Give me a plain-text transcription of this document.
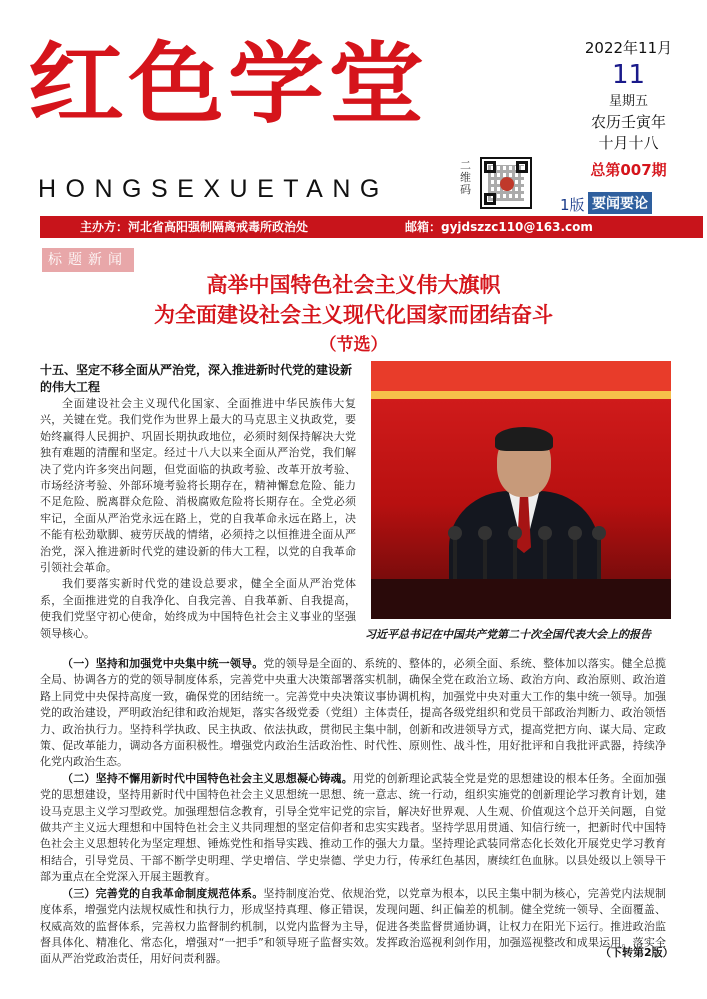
红色学堂
HONGSEXUETANG
二维码
2022年11月
11
星期五
农历壬寅年
十月十八
总第007期
1版 要闻要论
主办方：河北省高阳强制隔离戒毒所政治处	邮箱：gyjdszzc110@163.com
标题新闻
高举中国特色社会主义伟大旗帜
为全面建设社会主义现代化国家而团结奋斗
（节选）
十五、坚定不移全面从严治党，深入推进新时代党的建设新的伟大工程

全面建设社会主义现代化国家、全面推进中华民族伟大复兴，关键在党。我们党作为世界上最大的马克思主义执政党，要始终赢得人民拥护、巩固长期执政地位，必须时刻保持解决大党独有难题的清醒和坚定。经过十八大以来全面从严治党，我们解决了党内许多突出问题，但党面临的执政考验、改革开放考验、市场经济考验、外部环境考验将长期存在，精神懈怠危险、能力不足危险、脱离群众危险、消极腐败危险将长期存在。全党必须牢记，全面从严治党永远在路上，党的自我革命永远在路上，决不能有松劲歇脚、疲劳厌战的情绪，必须持之以恒推进全面从严治党，深入推进新时代党的建设新的伟大工程，以党的自我革命引领社会革命。

我们要落实新时代党的建设总要求，健全全面从严治党体系，全面推进党的自我净化、自我完善、自我革新、自我提高，使我们党坚守初心使命，始终成为中国特色社会主义事业的坚强领导核心。	习近平总书记在中国共产党第二十次全国代表大会上的报告

（一）坚持和加强党中央集中统一领导。党的领导是全面的、系统的、整体的，必须全面、系统、整体加以落实。健全总揽全局、协调各方的党的领导制度体系，完善党中央重大决策部署落实机制，确保全党在政治立场、政治方向、政治原则、政治道路上同党中央保持高度一致，确保党的团结统一。完善党中央决策议事协调机构，加强党中央对重大工作的集中统一领导。加强党的政治建设，严明政治纪律和政治规矩，落实各级党委（党组）主体责任，提高各级党组织和党员干部政治判断力、政治领悟力、政治执行力。坚持科学执政、民主执政、依法执政，贯彻民主集中制，创新和改进领导方式，提高党把方向、谋大局、定政策、促改革能力，调动各方面积极性。增强党内政治生活政治性、时代性、原则性、战斗性，用好批评和自我批评武器，持续净化党内政治生态。

（二）坚持不懈用新时代中国特色社会主义思想凝心铸魂。用党的创新理论武装全党是党的思想建设的根本任务。全面加强党的思想建设，坚持用新时代中国特色社会主义思想统一思想、统一意志、统一行动，组织实施党的创新理论学习教育计划，建设马克思主义学习型政党。加强理想信念教育，引导全党牢记党的宗旨，解决好世界观、人生观、价值观这个总开关问题，自觉做共产主义远大理想和中国特色社会主义共同理想的坚定信仰者和忠实实践者。坚持学思用贯通、知信行统一，把新时代中国特色社会主义思想转化为坚定理想、锤炼党性和指导实践、推动工作的强大力量。坚持理论武装同常态化长效化开展党史学习教育相结合，引导党员、干部不断学史明理、学史增信、学史崇德、学史力行，传承红色基因，赓续红色血脉。以县处级以上领导干部为重点在全党深入开展主题教育。

（三）完善党的自我革命制度规范体系。坚持制度治党、依规治党，以党章为根本，以民主集中制为核心，完善党内法规制度体系，增强党内法规权威性和执行力，形成坚持真理、修正错误，发现问题、纠正偏差的机制。健全党统一领导、全面覆盖、权威高效的监督体系，完善权力监督制约机制，以党内监督为主导，促进各类监督贯通协调，让权力在阳光下运行。推进政治监督具体化、精准化、常态化，增强对“一把手”和领导班子监督实效。发挥政治巡视利剑作用，加强巡视整改和成果运用。落实全面从严治党政治责任，用好问责利器。	（下转第2版）
